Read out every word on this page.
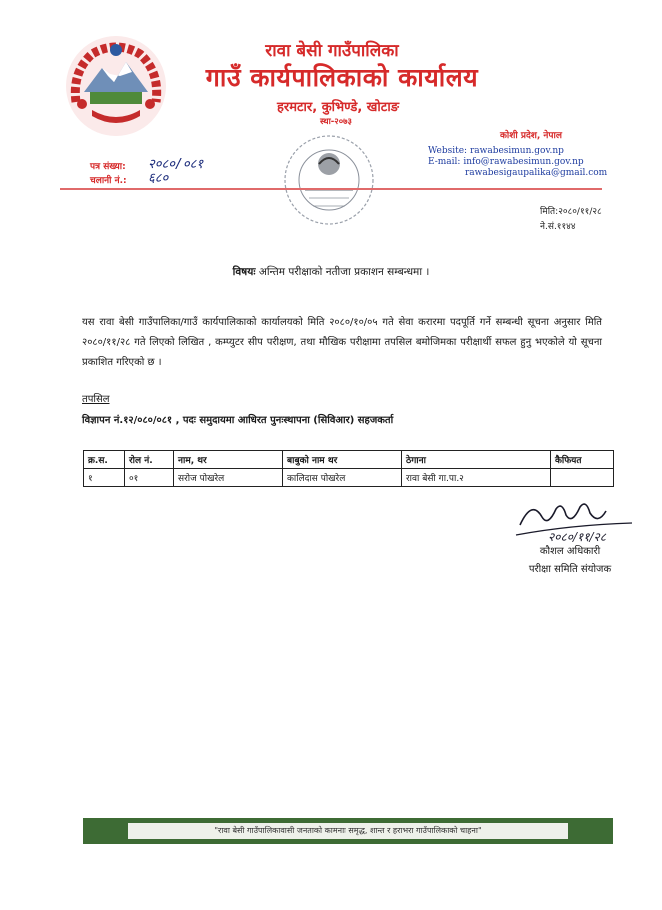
रावा बेसी गाउँपालिका
गाउँ कार्यपालिकाको कार्यालय
हरमटार, कुभिण्डे, खोटाङ
स्था-२०७३
कोशी प्रदेश, नेपाल
Website: rawabesimun.gov.np
E-mail: info@rawabesimun.gov.np
rawabesigaupalika@gmail.com
पत्र संख्या: २०८०/०८१
चलानी नं.: ६८०
मिति:२०८०/११/२८
ने.सं.११४४
विषयः अन्तिम परीक्षाको नतीजा प्रकाशन सम्बन्धमा ।
यस रावा बेसी गाउँपालिका/गाउँ कार्यपालिकाको कार्यालयको मिति २०८०/१०/०५ गते सेवा करारमा पदपूर्ति गर्ने सम्बन्धी सूचना अनुसार मिति २०८०/११/२८ गते लिएको लिखित , कम्प्युटर सीप परीक्षण, तथा मौखिक परीक्षामा तपसिल बमोजिमका परीक्षार्थी सफल हुनु भएकोले यो सूचना प्रकाशित गरिएको छ ।
तपसिल
विज्ञापन नं.१२/०८०/०८१ , पदः समुदायमा आधिरत पुनःस्थापना (सिविआर) सहजकर्ता
क्र.स.	रोल नं.	नाम, थर	बाबुको नाम थर	ठेगाना	कैफियत
१	०१	सरोज पोखरेल	कालिदास पोखरेल	रावा बेसी गा.पा.२	
२०८०/११/२८
कौशल अधिकारी
परीक्षा समिति संयोजक
"रावा बेसी गाउँपालिकावासी जनताको कामनाः समृद्ध, शान्त र हराभरा गाउँपालिकाको चाहना"
